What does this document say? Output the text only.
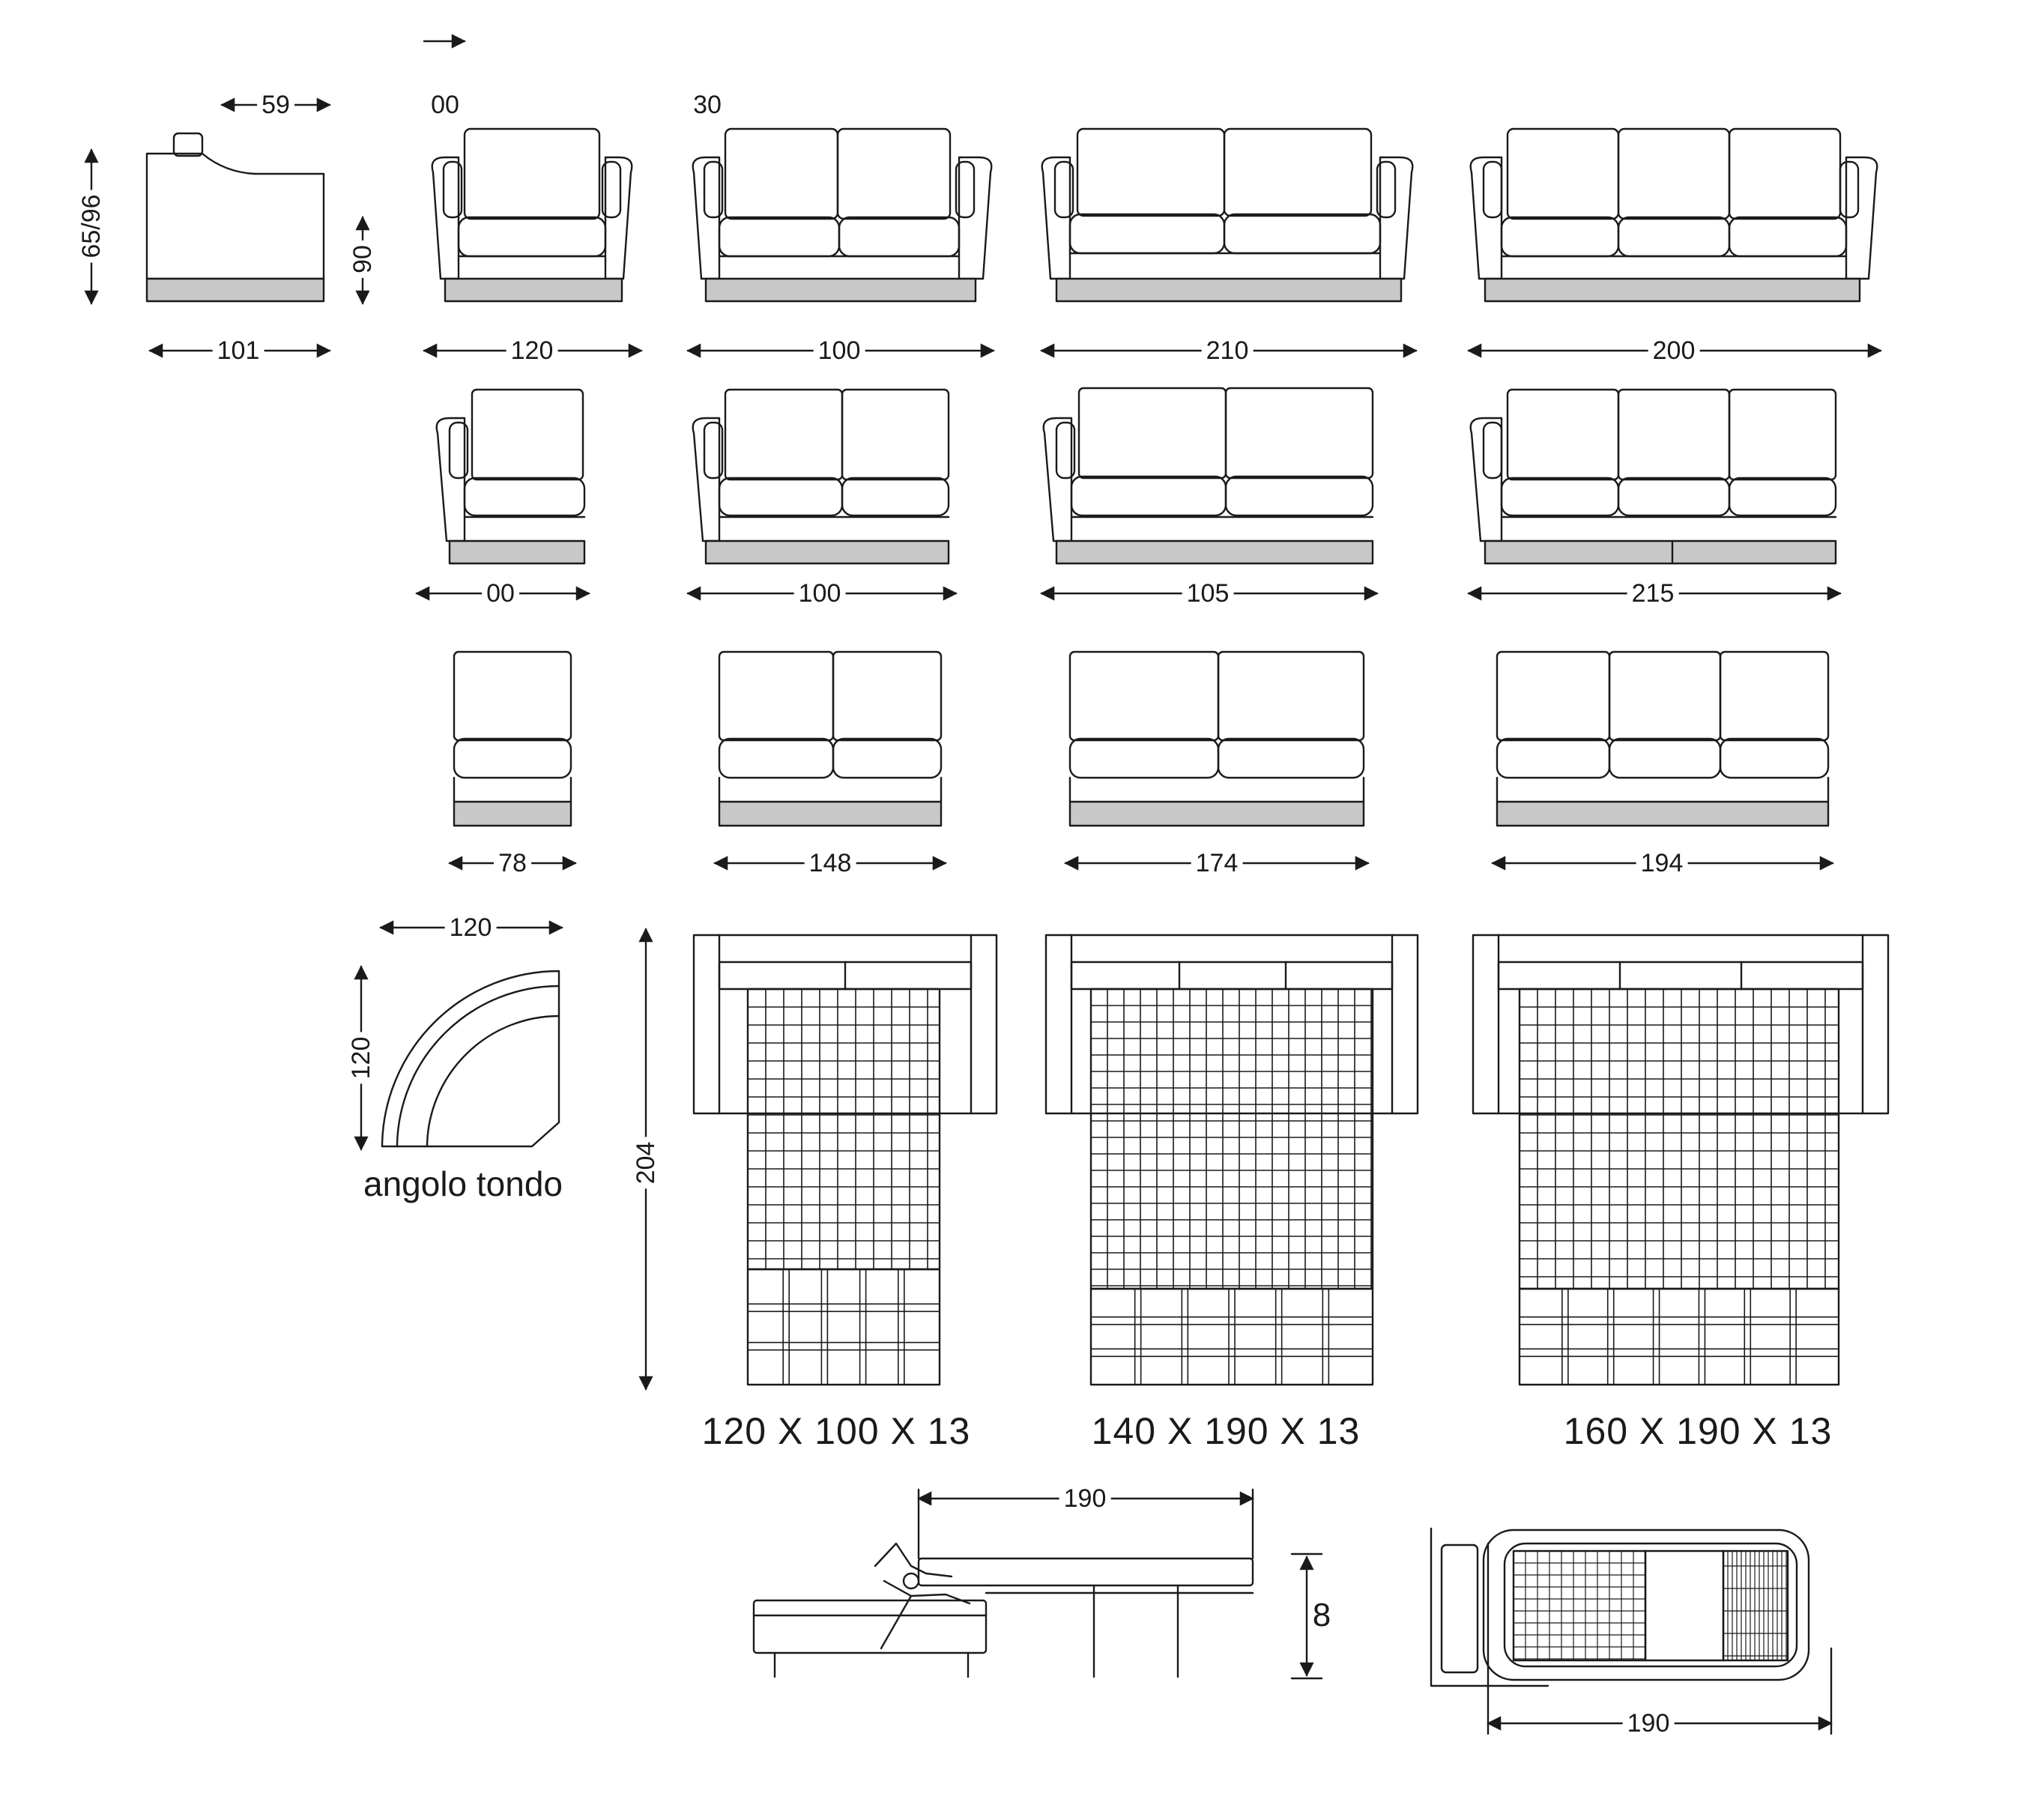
59
65/96
101
00
90
30
120	100	210	200
00	100	105	215
78	148	174	194
120
120
angolo tondo	204
120 X 100 X 13	140 X 190 X 13	160 X 190 X 13
190
8
190
